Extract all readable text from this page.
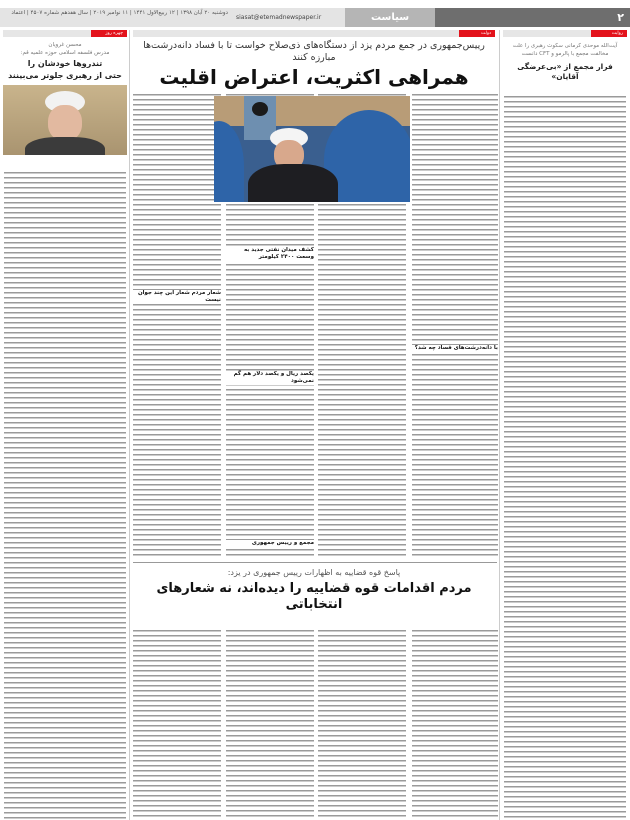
دوشنبه ۲۰ آبان ۱۳۹۸ | ۱۲ ربیع‌الاول ۱۴۴۱ | ۱۱ نوامبر ۲۰۱۹ | سال هفدهم شماره ۴۵۰۷ | اعتماد
siasat@etemadnewspaper.ir	سیاست	۲
چهره روز
محسن غرویان
مدرس فلسفه اسلامی حوزه علمیه قم:
تندروها خودشان را
حتی از رهبری جلوتر می‌بینند
دولت
رییس‌جمهوری در جمع مردم یزد از دستگاه‌های ذی‌صلاح خواست تا با فساد دانه‌درشت‌ها مبارزه کنند
همراهی اکثریت، اعتراض اقلیت
کشف میدان نفتی جدید به وسعت ۲۴۰۰ کیلومتر
شعار مردم شعار این چند جوان نیست
یکصد ریال و یکصد دلار هم گم نمی‌شود
با دانه‌درشت‌های فساد چه شد؟
مجمع و رییس جمهوری
پاسخ قوه قضاییه به اظهارات رییس جمهوری در یزد:
مردم اقدامات قوه قضاییه را دیده‌اند، نه شعارهای انتخاباتی
روایت
آیت‌الله موحدی کرمانی سکوت رهبری را علت مخالفت مجمع با پالرمو و CFT دانست
فرار مجمع از «بی‌عرضگی آقایان»
